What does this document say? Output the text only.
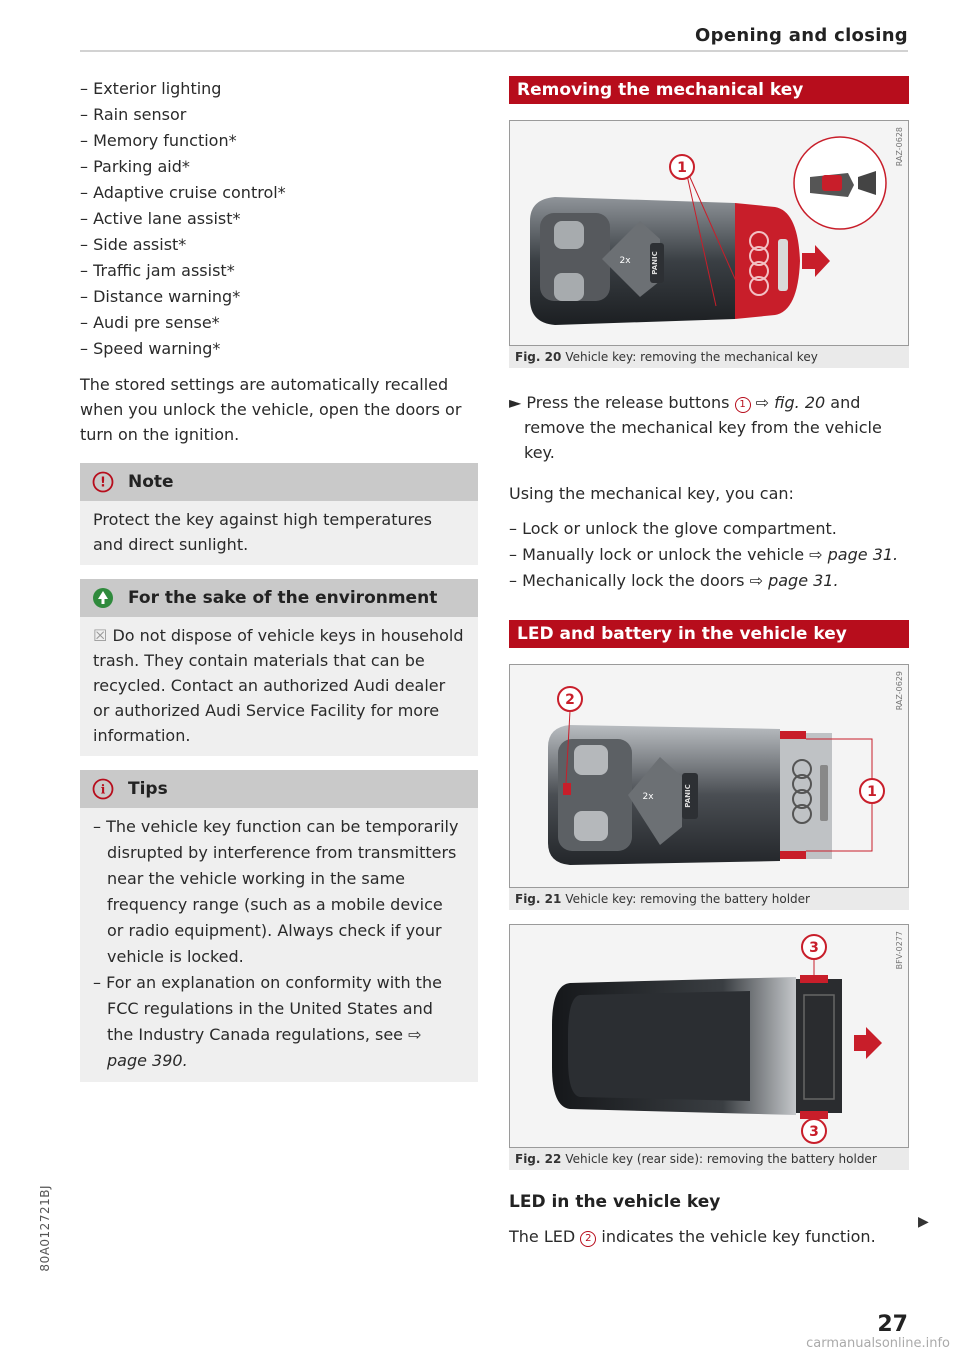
Opening and closing
– Exterior lighting
– Rain sensor
– Memory function*
– Parking aid*
– Adaptive cruise control*
– Active lane assist*
– Side assist*
– Traffic jam assist*
– Distance warning*
– Audi pre sense*
– Speed warning*

The stored settings are automatically recalled when you unlock the vehicle, open the doors or turn on the ignition.

! Note
Protect the key against high temperatures and direct sunlight.
For the sake of the environment
☒ Do not dispose of vehicle keys in household trash. They contain materials that can be recycled. Contact an authorized Audi dealer or authorized Audi Service Facility for more information.
i Tips
– The vehicle key function can be temporarily disrupted by interference from transmitters near the vehicle working in the same frequency range (such as a mobile device or radio equipment). Always check if your vehicle is locked.
– For an explanation on conformity with the FCC regulations in the United States and the Industry Canada regulations, see ⇨ page 390.
Removing the mechanical key
RAZ-0628
2x	PANIC
1
Fig. 20 Vehicle key: removing the mechanical key
► Press the release buttons 1 ⇨ fig. 20 and remove the mechanical key from the vehicle key.

Using the mechanical key, you can:

– Lock or unlock the glove compartment.
– Manually lock or unlock the vehicle ⇨ page 31.
– Mechanically lock the doors ⇨ page 31.
LED and battery in the vehicle key
RAZ-0629
2x	PANIC
2
1
Fig. 21 Vehicle key: removing the battery holder
BFV-0277
3
3
Fig. 22 Vehicle key (rear side): removing the battery holder
LED in the vehicle key

The LED 2 indicates the vehicle key function.

▶
80A012721BJ
27
carmanualsonline.info
